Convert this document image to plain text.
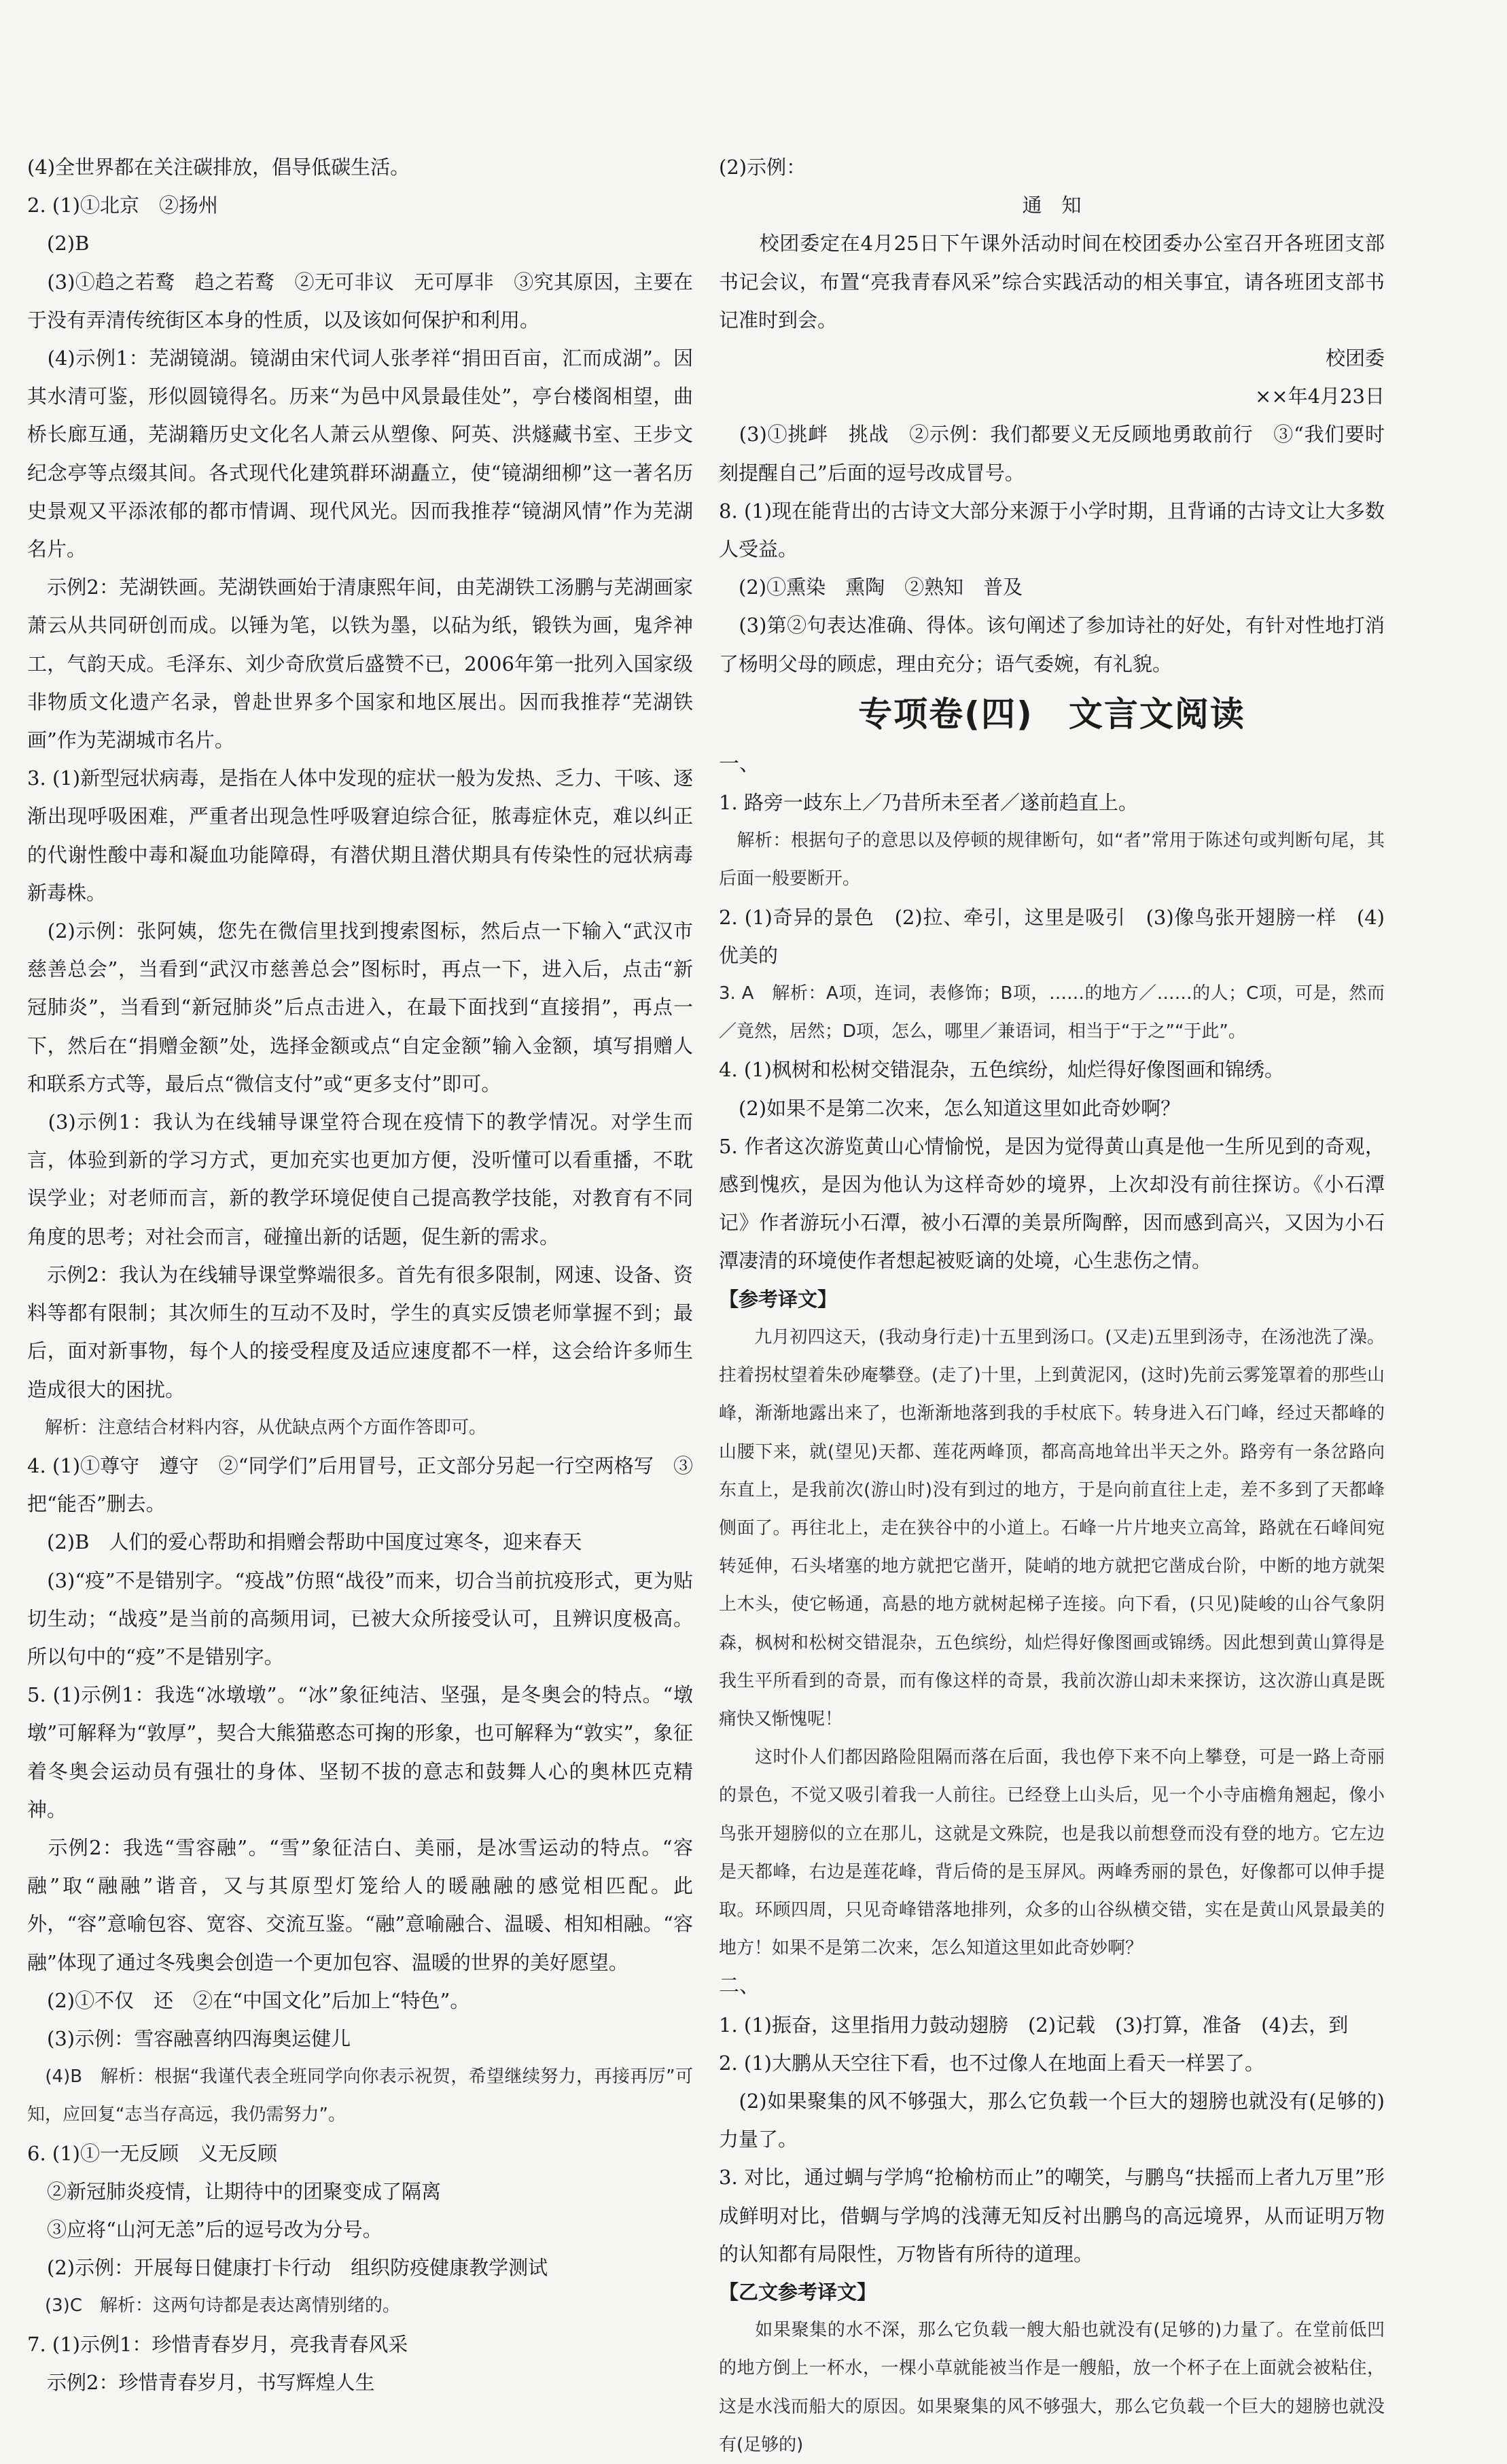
(4)全世界都在关注碳排放，倡导低碳生活。

2. (1)①北京　②扬州

　(2)B

　(3)①趋之若鹜　趋之若鹜　②无可非议　无可厚非　③究其原因，主要在于没有弄清传统街区本身的性质，以及该如何保护和利用。

　(4)示例1：芜湖镜湖。镜湖由宋代词人张孝祥“捐田百亩，汇而成湖”。因其水清可鉴，形似圆镜得名。历来“为邑中风景最佳处”，亭台楼阁相望，曲桥长廊互通，芜湖籍历史文化名人萧云从塑像、阿英、洪燧藏书室、王步文纪念亭等点缀其间。各式现代化建筑群环湖矗立，使“镜湖细柳”这一著名历史景观又平添浓郁的都市情调、现代风光。因而我推荐“镜湖风情”作为芜湖名片。

　示例2：芜湖铁画。芜湖铁画始于清康熙年间，由芜湖铁工汤鹏与芜湖画家萧云从共同研创而成。以锤为笔，以铁为墨，以砧为纸，锻铁为画，鬼斧神工，气韵天成。毛泽东、刘少奇欣赏后盛赞不已，2006年第一批列入国家级非物质文化遗产名录，曾赴世界多个国家和地区展出。因而我推荐“芜湖铁画”作为芜湖城市名片。

3. (1)新型冠状病毒，是指在人体中发现的症状一般为发热、乏力、干咳、逐渐出现呼吸困难，严重者出现急性呼吸窘迫综合征，脓毒症休克，难以纠正的代谢性酸中毒和凝血功能障碍，有潜伏期且潜伏期具有传染性的冠状病毒新毒株。

　(2)示例：张阿姨，您先在微信里找到搜索图标，然后点一下输入“武汉市慈善总会”，当看到“武汉市慈善总会”图标时，再点一下，进入后，点击“新冠肺炎”，当看到“新冠肺炎”后点击进入，在最下面找到“直接捐”，再点一下，然后在“捐赠金额”处，选择金额或点“自定金额”输入金额，填写捐赠人和联系方式等，最后点“微信支付”或“更多支付”即可。

　(3)示例1：我认为在线辅导课堂符合现在疫情下的教学情况。对学生而言，体验到新的学习方式，更加充实也更加方便，没听懂可以看重播，不耽误学业；对老师而言，新的教学环境促使自己提高教学技能，对教育有不同角度的思考；对社会而言，碰撞出新的话题，促生新的需求。

　示例2：我认为在线辅导课堂弊端很多。首先有很多限制，网速、设备、资料等都有限制；其次师生的互动不及时，学生的真实反馈老师掌握不到；最后，面对新事物，每个人的接受程度及适应速度都不一样，这会给许多师生造成很大的困扰。

　解析：注意结合材料内容，从优缺点两个方面作答即可。

4. (1)①尊守　遵守　②“同学们”后用冒号，正文部分另起一行空两格写　③把“能否”删去。

　(2)B　人们的爱心帮助和捐赠会帮助中国度过寒冬，迎来春天

　(3)“疫”不是错别字。“疫战”仿照“战役”而来，切合当前抗疫形式，更为贴切生动；“战疫”是当前的高频用词，已被大众所接受认可，且辨识度极高。所以句中的“疫”不是错别字。

5. (1)示例1：我选“冰墩墩”。“冰”象征纯洁、坚强，是冬奥会的特点。“墩墩”可解释为“敦厚”，契合大熊猫憨态可掬的形象，也可解释为“敦实”，象征着冬奥会运动员有强壮的身体、坚韧不拔的意志和鼓舞人心的奥林匹克精神。

　示例2：我选“雪容融”。“雪”象征洁白、美丽，是冰雪运动的特点。“容融”取“融融”谐音，又与其原型灯笼给人的暖融融的感觉相匹配。此外，“容”意喻包容、宽容、交流互鉴。“融”意喻融合、温暖、相知相融。“容融”体现了通过冬残奥会创造一个更加包容、温暖的世界的美好愿望。

　(2)①不仅　还　②在“中国文化”后加上“特色”。

　(3)示例：雪容融喜纳四海奥运健儿

　(4)B　解析：根据“我谨代表全班同学向你表示祝贺，希望继续努力，再接再厉”可知，应回复“志当存高远，我仍需努力”。

6. (1)①一无反顾　义无反顾

　②新冠肺炎疫情，让期待中的团聚变成了隔离

　③应将“山河无恙”后的逗号改为分号。

　(2)示例：开展每日健康打卡行动　组织防疫健康教学测试

　(3)C　解析：这两句诗都是表达离情别绪的。

7. (1)示例1：珍惜青春岁月，亮我青春风采

　示例2：珍惜青春岁月，书写辉煌人生

(2)示例：

通　知

　　校团委定在4月25日下午课外活动时间在校团委办公室召开各班团支部书记会议，布置“亮我青春风采”综合实践活动的相关事宜，请各班团支部书记准时到会。

校团委

××年4月23日

　(3)①挑衅　挑战　②示例：我们都要义无反顾地勇敢前行　③“我们要时刻提醒自己”后面的逗号改成冒号。

8. (1)现在能背出的古诗文大部分来源于小学时期，且背诵的古诗文让大多数人受益。

　(2)①熏染　熏陶　②熟知　普及

　(3)第②句表达准确、得体。该句阐述了参加诗社的好处，有针对性地打消了杨明父母的顾虑，理由充分；语气委婉，有礼貌。

专项卷(四)　文言文阅读

一、

1. 路旁一歧东上／乃昔所未至者／遂前趋直上。

　解析：根据句子的意思以及停顿的规律断句，如“者”常用于陈述句或判断句尾，其后面一般要断开。

2. (1)奇异的景色　(2)拉、牵引，这里是吸引　(3)像鸟张开翅膀一样　(4)优美的

3. A　解析：A项，连词，表修饰；B项，……的地方／……的人；C项，可是，然而／竟然，居然；D项，怎么，哪里／兼语词，相当于“于之”“于此”。

4. (1)枫树和松树交错混杂，五色缤纷，灿烂得好像图画和锦绣。

　(2)如果不是第二次来，怎么知道这里如此奇妙啊？

5. 作者这次游览黄山心情愉悦，是因为觉得黄山真是他一生所见到的奇观，感到愧疚，是因为他认为这样奇妙的境界，上次却没有前往探访。《小石潭记》作者游玩小石潭，被小石潭的美景所陶醉，因而感到高兴，又因为小石潭凄清的环境使作者想起被贬谪的处境，心生悲伤之情。

【参考译文】

　　九月初四这天，(我动身行走)十五里到汤口。(又走)五里到汤寺，在汤池洗了澡。拄着拐杖望着朱砂庵攀登。(走了)十里，上到黄泥冈，(这时)先前云雾笼罩着的那些山峰，渐渐地露出来了，也渐渐地落到我的手杖底下。转身进入石门峰，经过天都峰的山腰下来，就(望见)天都、莲花两峰顶，都高高地耸出半天之外。路旁有一条岔路向东直上，是我前次(游山时)没有到过的地方，于是向前直往上走，差不多到了天都峰侧面了。再往北上，走在狭谷中的小道上。石峰一片片地夹立高耸，路就在石峰间宛转延伸，石头堵塞的地方就把它凿开，陡峭的地方就把它凿成台阶，中断的地方就架上木头，使它畅通，高悬的地方就树起梯子连接。向下看，(只见)陡峻的山谷气象阴森，枫树和松树交错混杂，五色缤纷，灿烂得好像图画或锦绣。因此想到黄山算得是我生平所看到的奇景，而有像这样的奇景，我前次游山却未来探访，这次游山真是既痛快又惭愧呢！

　　这时仆人们都因路险阻隔而落在后面，我也停下来不向上攀登，可是一路上奇丽的景色，不觉又吸引着我一人前往。已经登上山头后，见一个小寺庙檐角翘起，像小鸟张开翅膀似的立在那儿，这就是文殊院，也是我以前想登而没有登的地方。它左边是天都峰，右边是莲花峰，背后倚的是玉屏风。两峰秀丽的景色，好像都可以伸手提取。环顾四周，只见奇峰错落地排列，众多的山谷纵横交错，实在是黄山风景最美的地方！如果不是第二次来，怎么知道这里如此奇妙啊？

二、

1. (1)振奋，这里指用力鼓动翅膀　(2)记载　(3)打算，准备　(4)去，到

2. (1)大鹏从天空往下看，也不过像人在地面上看天一样罢了。

　(2)如果聚集的风不够强大，那么它负载一个巨大的翅膀也就没有(足够的)力量了。

3. 对比，通过蜩与学鸠“抢榆枋而止”的嘲笑，与鹏鸟“扶摇而上者九万里”形成鲜明对比，借蜩与学鸠的浅薄无知反衬出鹏鸟的高远境界，从而证明万物的认知都有局限性，万物皆有所待的道理。

【乙文参考译文】

　　如果聚集的水不深，那么它负载一艘大船也就没有(足够的)力量了。在堂前低凹的地方倒上一杯水，一棵小草就能被当作是一艘船，放一个杯子在上面就会被粘住，这是水浅而船大的原因。如果聚集的风不够强大，那么它负载一个巨大的翅膀也就没有(足够的)
